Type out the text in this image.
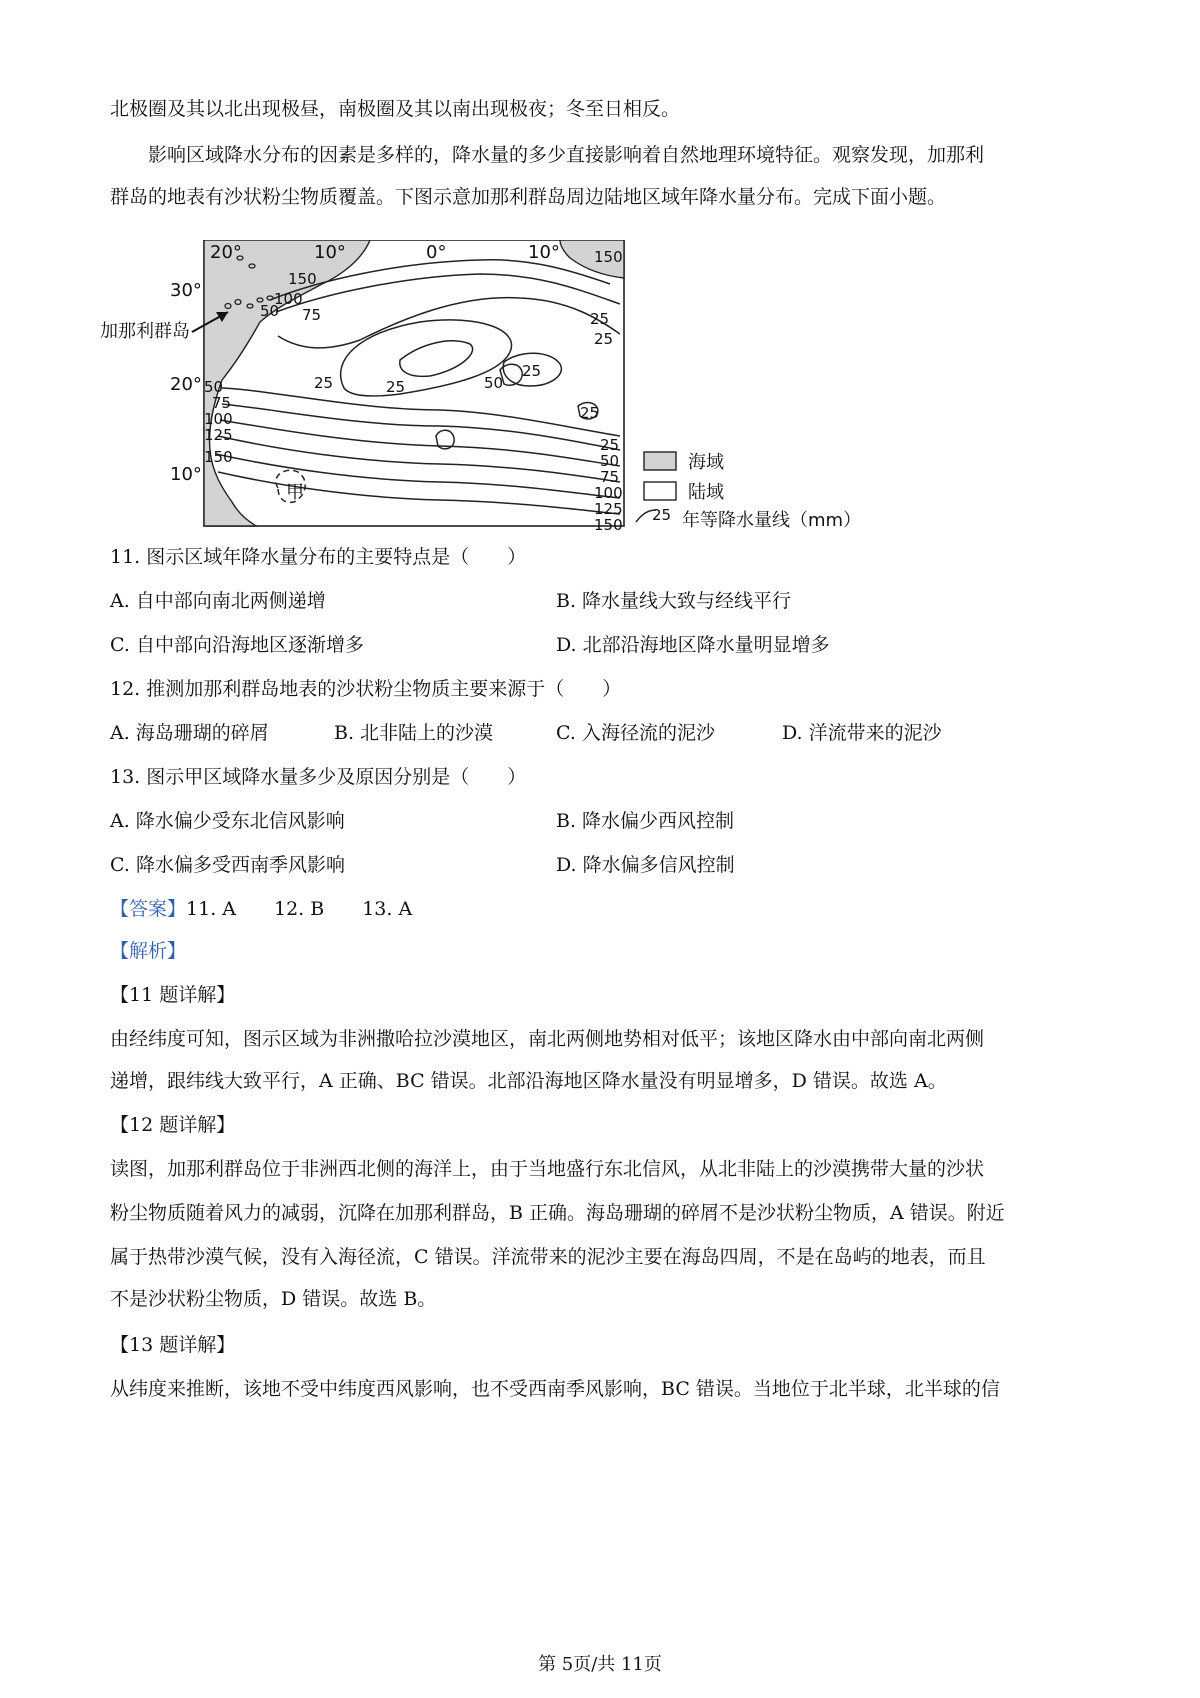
北极圈及其以北出现极昼，南极圈及其以南出现极夜；冬至日相反。
影响区域降水分布的因素是多样的，降水量的多少直接影响着自然地理环境特征。观察发现，加那利
群岛的地表有沙状粉尘物质覆盖。下图示意加那利群岛周边陆地区域年降水量分布。完成下面小题。
20°	10°	0°	10°
30°
20°
10°
加那利群岛
150
100
75
50
25	25
25
25
50
25
25
150
25
50
75
100
125
150
50
75
100
125
150
甲
海域
陆域
25 年等降水量线（mm）
11. 图示区域年降水量分布的主要特点是（　　）
A. 自中部向南北两侧递增	B. 降水量线大致与经线平行
C. 自中部向沿海地区逐渐增多	D. 北部沿海地区降水量明显增多
12. 推测加那利群岛地表的沙状粉尘物质主要来源于（　　）
A. 海岛珊瑚的碎屑	B. 北非陆上的沙漠	C. 入海径流的泥沙	D. 洋流带来的泥沙
13. 图示甲区域降水量多少及原因分别是（　　）
A. 降水偏少受东北信风影响	B. 降水偏少西风控制
C. 降水偏多受西南季风影响	D. 降水偏多信风控制
【答案】11. A　　12. B　　13. A
【解析】
【11 题详解】
由经纬度可知，图示区域为非洲撒哈拉沙漠地区，南北两侧地势相对低平；该地区降水由中部向南北两侧
递增，跟纬线大致平行，A 正确、BC 错误。北部沿海地区降水量没有明显增多，D 错误。故选 A。
【12 题详解】
读图，加那利群岛位于非洲西北侧的海洋上，由于当地盛行东北信风，从北非陆上的沙漠携带大量的沙状
粉尘物质随着风力的减弱，沉降在加那利群岛，B 正确。海岛珊瑚的碎屑不是沙状粉尘物质，A 错误。附近
属于热带沙漠气候，没有入海径流，C 错误。洋流带来的泥沙主要在海岛四周，不是在岛屿的地表，而且
不是沙状粉尘物质，D 错误。故选 B。
【13 题详解】
从纬度来推断，该地不受中纬度西风影响，也不受西南季风影响，BC 错误。当地位于北半球，北半球的信
第 5页/共 11页
